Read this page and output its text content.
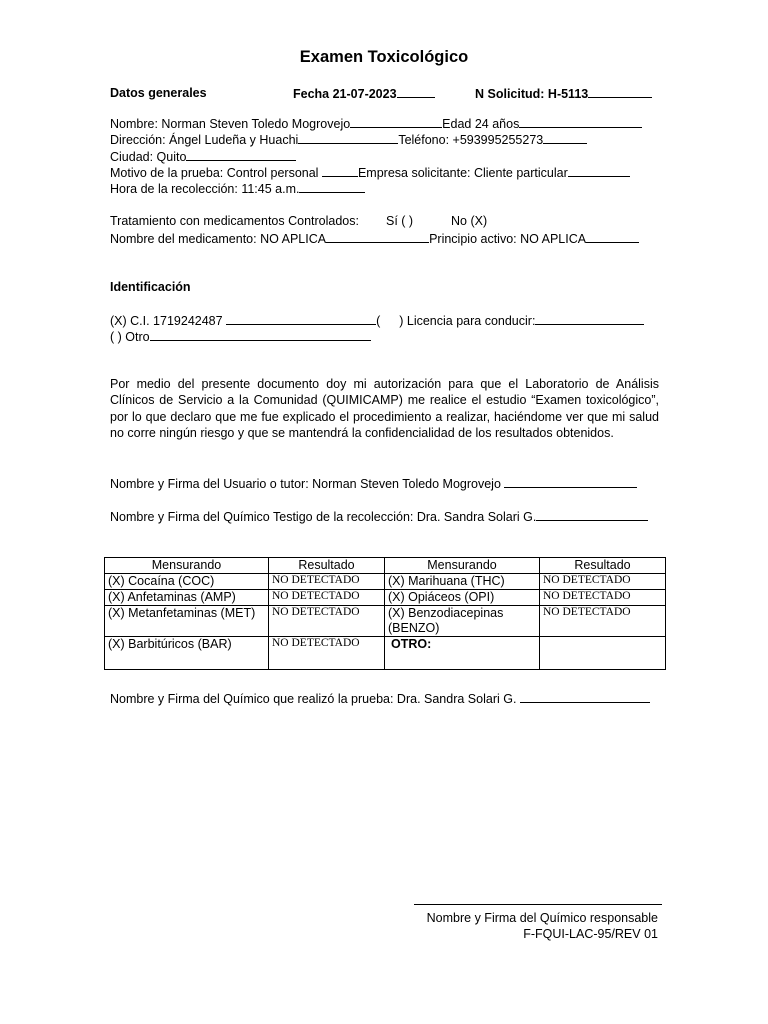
Examen Toxicológico
Datos generales	Fecha 21-07-2023	N Solicitud: H-5113
Nombre: Norman Steven Toledo Mogrovejo	Edad 24 años
Dirección: Ángel Ludeña y Huachi	Teléfono: +593995255273
Ciudad: Quito
Motivo de la prueba: Control personal	Empresa solicitante: Cliente particular
Hora de la recolección: 11:45 a.m.
Tratamiento con medicamentos Controlados: Sí ( )	No (X)
Nombre del medicamento: NO APLICA	Principio activo: NO APLICA
Identificación
(X) C.I. 1719242487	( ) Licencia para conducir:
( ) Otro
Por medio del presente documento doy mi autorización para que el Laboratorio de Análisis Clínicos de Servicio a la Comunidad (QUIMICAMP) me realice el estudio “Examen toxicológico”, por lo que declaro que me fue explicado el procedimiento a realizar, haciéndome ver que mi salud no corre ningún riesgo y que se mantendrá la confidencialidad de los resultados obtenidos.
Nombre y Firma del Usuario o tutor: Norman Steven Toledo Mogrovejo
Nombre y Firma del Químico Testigo de la recolección: Dra. Sandra Solari G.
Mensurando	Resultado	Mensurando	Resultado
(X) Cocaína (COC)	NO DETECTADO	(X) Marihuana (THC)	NO DETECTADO
(X) Anfetaminas (AMP)	NO DETECTADO	(X) Opiáceos (OPI)	NO DETECTADO
(X) Metanfetaminas (MET)	NO DETECTADO	(X) Benzodiacepinas (BENZO)	NO DETECTADO
(X) Barbitúricos (BAR)	NO DETECTADO	OTRO:	
Nombre y Firma del Químico que realizó la prueba: Dra. Sandra Solari G.
Nombre y Firma del Químico responsable
F-FQUI-LAC-95/REV 01
